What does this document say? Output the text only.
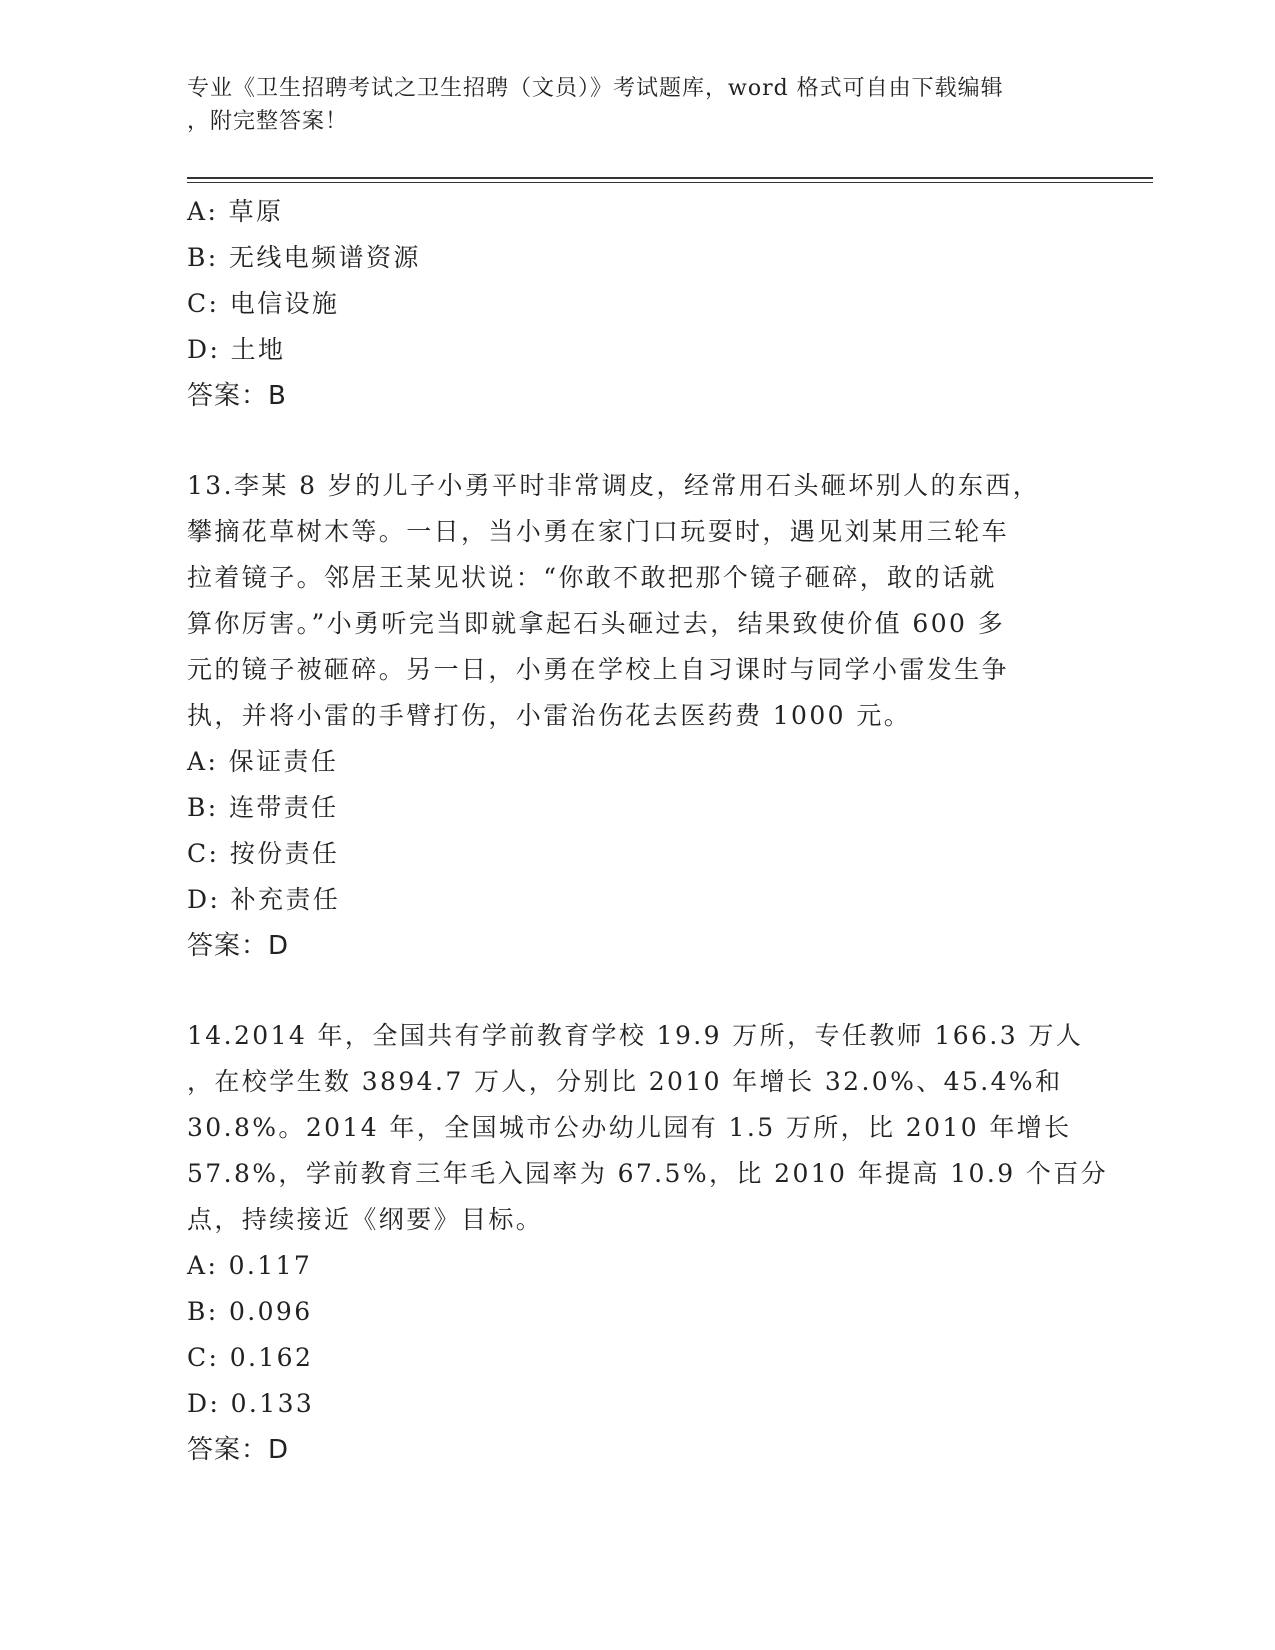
专业《卫生招聘考试之卫生招聘（文员）》考试题库，word 格式可自由下载编辑
，附完整答案！
A: 草原
B: 无线电频谱资源
C: 电信设施
D: 土地
答案：B
13.李某 8 岁的儿子小勇平时非常调皮，经常用石头砸坏别人的东西，
攀摘花草树木等。一日，当小勇在家门口玩耍时，遇见刘某用三轮车
拉着镜子。邻居王某见状说：“你敢不敢把那个镜子砸碎，敢的话就
算你厉害。”小勇听完当即就拿起石头砸过去，结果致使价值 600 多
元的镜子被砸碎。另一日，小勇在学校上自习课时与同学小雷发生争
执，并将小雷的手臂打伤，小雷治伤花去医药费 1000 元。
A: 保证责任
B: 连带责任
C: 按份责任
D: 补充责任
答案：D
14.2014 年，全国共有学前教育学校 19.9 万所，专任教师 166.3 万人
，在校学生数 3894.7 万人，分别比 2010 年增长 32.0%、45.4%和
30.8%。2014 年，全国城市公办幼儿园有 1.5 万所，比 2010 年增长
57.8%，学前教育三年毛入园率为 67.5%，比 2010 年提高 10.9 个百分
点，持续接近《纲要》目标。
A: 0.117
B: 0.096
C: 0.162
D: 0.133
答案：D
